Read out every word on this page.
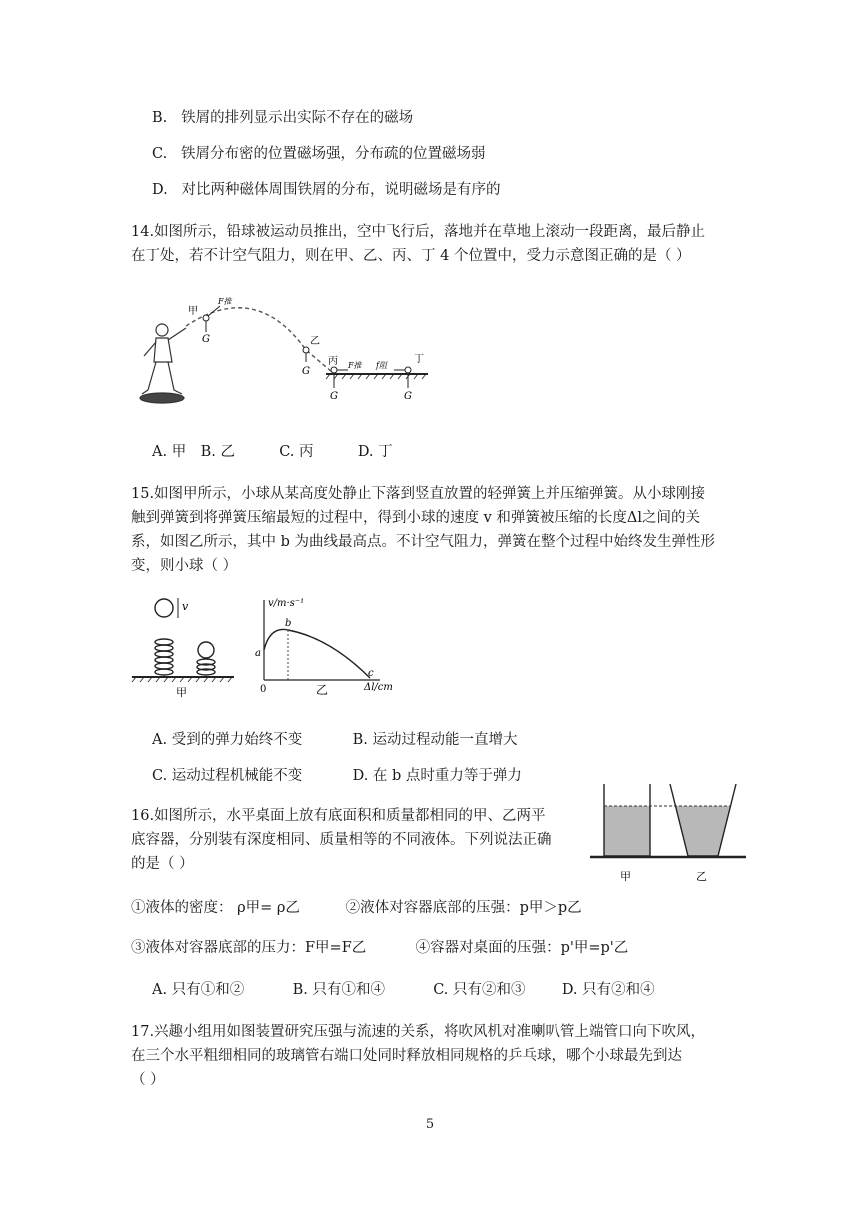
B. 铁屑的排列显示出实际不存在的磁场
C. 铁屑分布密的位置磁场强，分布疏的位置磁场弱
D. 对比两种磁体周围铁屑的分布，说明磁场是有序的
14.如图所示，铅球被运动员推出，空中飞行后，落地并在草地上滚动一段距离，最后静止
在丁处，若不计空气阻力，则在甲、乙、丙、丁 4 个位置中，受力示意图正确的是（ ）
甲
F推
G	乙
G
丙 F推
G
丁
f阻
G
A. 甲 B. 乙	C. 丙	D. 丁
15.如图甲所示，小球从某高度处静止下落到竖直放置的轻弹簧上并压缩弹簧。从小球刚接
触到弹簧到将弹簧压缩最短的过程中，得到小球的速度 v 和弹簧被压缩的长度Δl之间的关
系，如图乙所示，其中 b 为曲线最高点。不计空气阻力，弹簧在整个过程中始终发生弹性形
变，则小球（ ）
v
甲
v/m·s⁻¹
Δl/cm
a
b
c
0	乙
A. 受到的弹力始终不变	B. 运动过程动能一直增大
C. 运动过程机械能不变	D. 在 b 点时重力等于弹力
16.如图所示，水平桌面上放有底面积和质量都相同的甲、乙两平
底容器，分别装有深度相同、质量相等的不同液体。下列说法正确
的是（ ）
甲	乙
①液体的密度： ρ甲= ρ乙	②液体对容器底部的压强：p甲＞p乙
③液体对容器底部的压力：F甲=F乙	④容器对桌面的压强：p'甲=p'乙
A. 只有①和②	B. 只有①和④	C. 只有②和③	D. 只有②和④
17.兴趣小组用如图装置研究压强与流速的关系，将吹风机对准喇叭管上端管口向下吹风，
在三个水平粗细相同的玻璃管右端口处同时释放相同规格的乒乓球，哪个小球最先到达
（ ）
5
